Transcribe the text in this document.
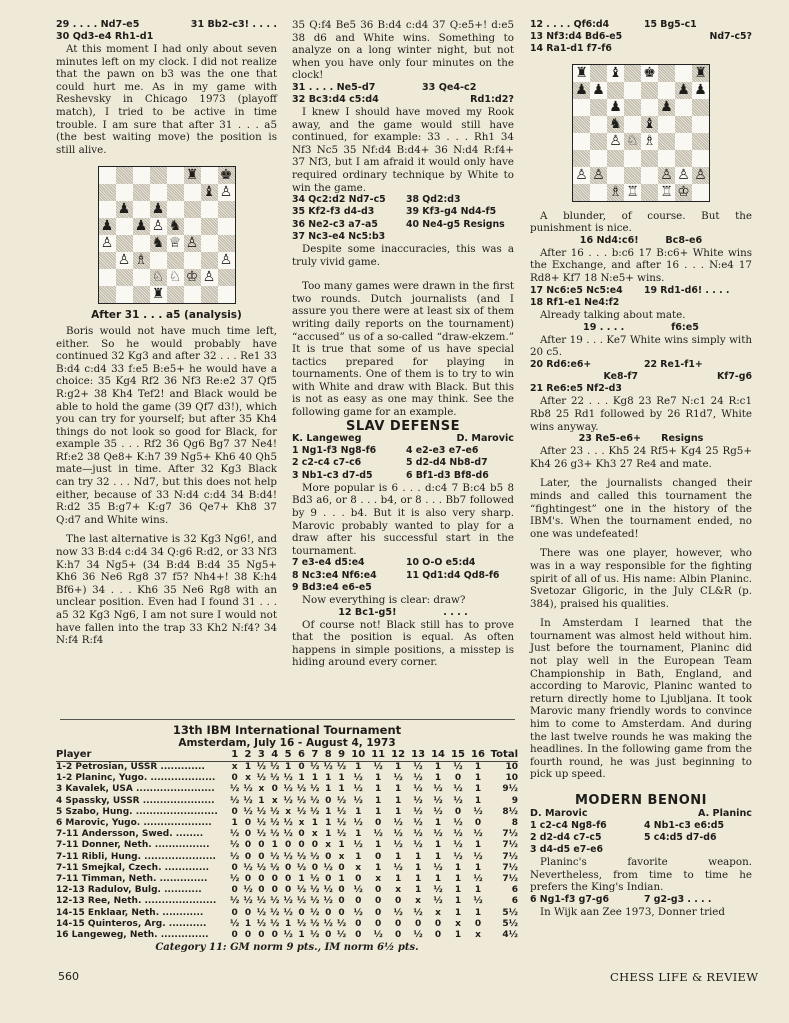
29 . . . . Nd7-e5	31 Bb2-c3! . . . .
30 Qd3-e4 Rh1-d1

At this moment I had only about seven minutes left on my clock. I did not realize that the pawn on b3 was the one that could hurt me. As in my game with Reshevsky in Chicago 1973 (playoff match), I tried to be active in time trouble. I am sure that after 31 . . . a5 (the best waiting move) the position is still alive.

♜ ♚
♝ ♙
♟ ♟
♟ ♟ ♙ ♞
♙	♞ ♕ ♙
♙ ♗	♙
♘ ♘ ♔ ♙
♜
After 31 . . . a5 (analysis)

Boris would not have much time left, either. So he would probably have continued 32 Kg3 and after 32 . . . Re1 33 B:d4 c:d4 33 f:e5 B:e5+ he would have a choice: 35 Kg4 Rf2 36 Nf3 Re:e2 37 Qf5 R:g2+ 38 Kh4 Tef2! and Black would be able to hold the game (39 Qf7 d3!), which you can try for yourself; but after 35 Kh4 things do not look so good for Black, for example 35 . . . Rf2 36 Qg6 Bg7 37 Ne4! Rf:e2 38 Qe8+ K:h7 39 Ng5+ Kh6 40 Qh5 mate—just in time. After 32 Kg3 Black can try 32 . . . Nd7, but this does not help either, because of 33 N:d4 c:d4 34 B:d4! R:d2 35 B:g7+ K:g7 36 Qe7+ Kh8 37 Q:d7 and White wins.

The last alternative is 32 Kg3 Ng6!, and now 33 B:d4 c:d4 34 Q:g6 R:d2, or 33 Nf3 K:h7 34 Ng5+ (34 B:d4 B:d4 35 Ng5+ Kh6 36 Ne6 Rg8 37 f5? Nh4+! 38 K:h4 Bf6+) 34 . . . Kh6 35 Ne6 Rg8 with an unclear position. Even had I found 31 . . . a5 32 Kg3 Ng6, I am not sure I would not have fallen into the trap 33 Kh2 N:f4? 34 N:f4 R:f4

35 Q:f4 Be5 36 B:d4 c:d4 37 Q:e5+! d:e5 38 d6 and White wins. Something to analyze on a long winter night, but not when you have only four minutes on the clock!

31 . . . . Ne5-d7	33 Qe4-c2
32 Bc3:d4 c5:d4	Rd1:d2?

I knew I should have moved my Rook away, and the game would still have continued, for example: 33 . . . Rh1 34 Nf3 Nc5 35 Nf:d4 B:d4+ 36 N:d4 R:f4+ 37 Nf3, but I am afraid it would only have required ordinary technique by White to win the game.

34 Qc2:d2 Nd7-c5	38 Qd2:d3
35 Kf2-f3 d4-d3	39 Kf3-g4 Nd4-f5
36 Ne2-c3 a7-a5	40 Ne4-g5 Resigns
37 Nc3-e4 Nc5:b3

Despite some inaccuracies, this was a truly vivid game.

Too many games were drawn in the first two rounds. Dutch journalists (and I assure you there were at least six of them writing daily reports on the tournament) “accused” us of a so-called “draw-ekzem.” It is true that some of us have special tactics prepared for playing in tournaments. One of them is to try to win with White and draw with Black. But this is not as easy as one may think. See the following game for an example.

SLAV DEFENSE
K. Langeweg	D. Marovic
1 Ng1-f3 Ng8-f6	4 e2-e3 e7-e6
2 c2-c4 c7-c6	5 d2-d4 Nb8-d7
3 Nb1-c3 d7-d5	6 Bf1-d3 Bf8-d6

More popular is 6 . . . d:c4 7 B:c4 b5 8 Bd3 a6, or 8 . . . b4, or 8 . . . Bb7 followed by 9 . . . b4. But it is also very sharp. Marovic probably wanted to play for a draw after his successful start in the tournament.

7 e3-e4 d5:e4	10 O-O e5:d4
8 Nc3:e4 Nf6:e4	11 Qd1:d4 Qd8-f6
9 Bd3:e4 e6-e5

Now everything is clear: draw?

12 Bc1-g5!              . . . .

Of course not! Black still has to prove that the position is equal. As often happens in simple positions, a misstep is hiding around every corner.

12 . . . . Qf6:d4	15 Bg5-c1
13 Nf3:d4 Bd6-e5	Nd7-c5?
14 Ra1-d1 f7-f6
♜ ♝ ♚	♜
♟ ♟	♟ ♟
♟	♟
♞ ♝
♙ ♘ ♗
♙ ♙	♙ ♙ ♙
♗ ♖ ♖ ♔

A blunder, of course. But the punishment is nice.

16 Nd4:c6!        Bc8-e6

After 16 . . . b:c6 17 B:c6+ White wins the Exchange, and after 16 . . . N:e4 17 Rd8+ Kf7 18 N:e5+ wins.

17 Nc6:e5 Nc5:e4	19 Rd1-d6! . . . .
18 Rf1-e1 Ne4:f2

Already talking about mate.

19 . . . .              f6:e5

After 19 . . . Ke7 White wins simply with 20 c5.

20 Rd6:e6+	22 Re1-f1+
Ke8-f7	Kf7-g6
21 Re6:e5 Nf2-d3

After 22 . . . Kg8 23 Re7 N:c1 24 R:c1 Rb8 25 Rd1 followed by 26 R1d7, White wins anyway.

23 Re5-e6+      Resigns

After 23 . . . Kh5 24 Rf5+ Kg4 25 Rg5+ Kh4 26 g3+ Kh3 27 Re4 and mate.

Later, the journalists changed their minds and called this tournament the “fightingest” one in the history of the IBM's. When the tournament ended, no one was undefeated!

There was one player, however, who was in a way responsible for the fighting spirit of all of us. His name: Albin Planinc. Svetozar Gligoric, in the July CL&R (p. 384), praised his qualities.

In Amsterdam I learned that the tournament was almost held without him. Just before the tournament, Planinc did not play well in the European Team Championship in Bath, England, and according to Marovic, Planinc wanted to return directly home to Ljubljana. It took Marovic many friendly words to convince him to come to Amsterdam. And during the last twelve rounds he was making the headlines. In the following game from the fourth round, he was just beginning to pick up speed.

MODERN BENONI
D. Marovic	A. Planinc
1 c2-c4 Ng8-f6	4 Nb1-c3 e6:d5
2 d2-d4 c7-c5	5 c4:d5 d7-d6
3 d4-d5 e7-e6

Planinc's favorite weapon. Nevertheless, from time to time he prefers the King's Indian.

6 Ng1-f3 g7-g6	7 g2-g3 . . . .

In Wijk aan Zee 1973, Donner tried

13th IBM International Tournament
Amsterdam, July 16 - August 4, 1973
Player	1	2	3	4	5	6	7	8	9	10	11	12	13	14	15	16	Total
1-2 Petrosian, USSR .............	x	1	½	½	1	0	½	½	½	1	½	1	½	1	½	1	10
1-2 Planinc, Yugo. ...................	0	x	½	½	½	1	1	1	1	½	1	½	½	1	0	1	10
3 Kavalek, USA .......................	½	½	x	0	½	½	½	1	1	½	1	1	½	½	½	1	9½
4 Spassky, USSR .....................	½	½	1	x	½	½	½	0	½	½	1	1	½	½	½	1	9
5 Szabo, Hung. ........................	0	½	½	½	x	½	½	1	½	1	1	1	½	½	0	½	8½
6 Marovic, Yugo. ....................	1	0	½	½	½	x	1	1	½	½	0	½	½	1	½	0	8
7-11 Andersson, Swed. ........	½	0	½	½	½	0	x	1	½	1	½	½	½	½	½	½	7½
7-11 Donner, Neth. ................	½	0	0	1	0	0	0	x	1	½	1	½	½	1	½	1	7½
7-11 Ribli, Hung. .....................	½	0	0	½	½	½	½	0	x	1	0	1	1	1	½	½	7½
7-11 Smejkal, Czech. .............	0	½	½	½	0	½	0	½	0	x	1	½	1	½	1	1	7½
7-11 Timman, Neth. ..............	½	0	0	0	0	1	½	0	1	0	x	1	1	1	1	½	7½
12-13 Radulov, Bulg. ...........	0	½	0	0	0	½	½	½	0	½	0	x	1	½	1	1	6
12-13 Ree, Neth. .....................	½	½	½	½	½	½	½	½	0	0	0	0	x	½	1	½	6
14-15 Enklaar, Neth. ............	0	0	½	½	½	0	½	0	0	½	0	½	½	x	1	1	5½
14-15 Quinteros, Arg. ...........	½	1	½	½	1	½	½	½	½	0	0	0	0	0	x	0	5½
16 Langeweg, Neth. ..............	0	0	0	0	½	1	½	0	½	0	½	0	½	0	1	x	4½
Category 11: GM norm 9 pts., IM norm 6½ pts.
560	CHESS LIFE & REVIEW
